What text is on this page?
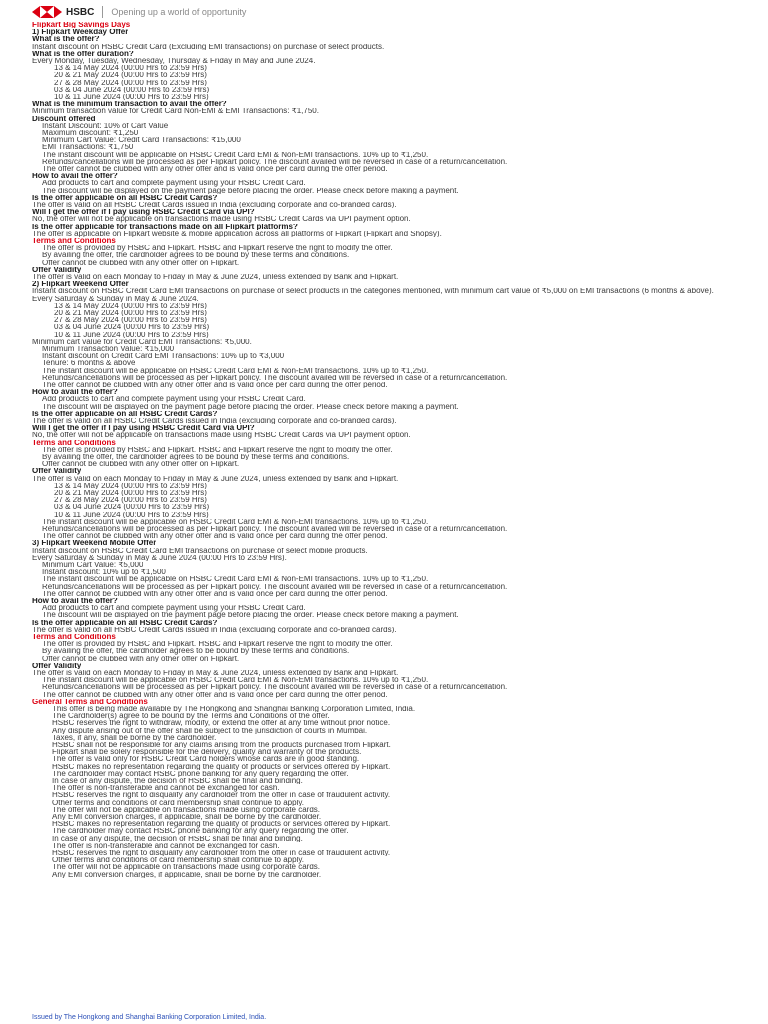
HSBC Opening up a world of opportunity
Flipkart Big Savings Days
1) Flipkart Weekday Offer
What is the offer?
Instant discount on HSBC Credit Card (Excluding EMI transactions) on purchase of select products.
What is the offer duration?
Every Monday, Tuesday, Wednesday, Thursday & Friday in May and June 2024.
▫ 13 & 14 May 2024 (00:00 Hrs to 23:59 Hrs)
▫ 20 & 21 May 2024 (00:00 Hrs to 23:59 Hrs)
▫ 27 & 28 May 2024 (00:00 Hrs to 23:59 Hrs)
▫ 03 & 04 June 2024 (00:00 Hrs to 23:59 Hrs)
▫ 10 & 11 June 2024 (00:00 Hrs to 23:59 Hrs)
What is the minimum transaction to avail the offer?
Minimum transaction value for Credit Card Non-EMI & EMI Transactions: ₹1,750.
Discount offered
▪ Instant Discount: 10% of Cart Value
▪ Maximum discount: ₹1,250
▪ Minimum Cart Value: Credit Card Transactions: ₹15,000
▪ EMI Transactions: ₹1,750
▪ The instant discount will be applicable on HSBC Credit Card EMI & Non-EMI transactions. 10% up to ₹1,250.
▪ Refunds/cancellations will be processed as per Flipkart policy. The discount availed will be reversed in case of a return/cancellation.
▪ The offer cannot be clubbed with any other offer and is valid once per card during the offer period.
How to avail the offer?
▪ Add products to cart and complete payment using your HSBC Credit Card.
▪ The discount will be displayed on the payment page before placing the order. Please check before making a payment.
Is the offer applicable on all HSBC Credit Cards?
The offer is valid on all HSBC Credit Cards issued in India (excluding corporate and co-branded cards).
Will I get the offer if I pay using HSBC Credit Card via UPI?
No, the offer will not be applicable on transactions made using HSBC Credit Cards via UPI payment option.
Is the offer applicable for transactions made on all Flipkart platforms?
The offer is applicable on Flipkart website & mobile application across all platforms of Flipkart (Flipkart and Shopsy).
Terms and Conditions
▪ The offer is provided by HSBC and Flipkart. HSBC and Flipkart reserve the right to modify the offer.
▪ By availing the offer, the cardholder agrees to be bound by these terms and conditions.
▪ Offer cannot be clubbed with any other offer on Flipkart.
Offer Validity
The offer is valid on each Monday to Friday in May & June 2024, unless extended by Bank and Flipkart.
2) Flipkart Weekend Offer
Instant discount on HSBC Credit Card EMI transactions on purchase of select products in the categories mentioned, with minimum cart value of ₹5,000 on EMI transactions (6 months & above).
Every Saturday & Sunday in May & June 2024.
▫ 13 & 14 May 2024 (00:00 Hrs to 23:59 Hrs)
▫ 20 & 21 May 2024 (00:00 Hrs to 23:59 Hrs)
▫ 27 & 28 May 2024 (00:00 Hrs to 23:59 Hrs)
▫ 03 & 04 June 2024 (00:00 Hrs to 23:59 Hrs)
▫ 10 & 11 June 2024 (00:00 Hrs to 23:59 Hrs)
Minimum cart value for Credit Card EMI Transactions: ₹5,000.
▪ Minimum Transaction Value: ₹15,000
▪ Instant discount on Credit Card EMI Transactions: 10% up to ₹3,000
▪ Tenure: 6 months & above
▪ The instant discount will be applicable on HSBC Credit Card EMI & Non-EMI transactions. 10% up to ₹1,250.
▪ Refunds/cancellations will be processed as per Flipkart policy. The discount availed will be reversed in case of a return/cancellation.
▪ The offer cannot be clubbed with any other offer and is valid once per card during the offer period.
How to avail the offer?
▪ Add products to cart and complete payment using your HSBC Credit Card.
▪ The discount will be displayed on the payment page before placing the order. Please check before making a payment.
Is the offer applicable on all HSBC Credit Cards?
The offer is valid on all HSBC Credit Cards issued in India (excluding corporate and co-branded cards).
Will I get the offer if I pay using HSBC Credit Card via UPI?
No, the offer will not be applicable on transactions made using HSBC Credit Cards via UPI payment option.
Terms and Conditions
▪ The offer is provided by HSBC and Flipkart. HSBC and Flipkart reserve the right to modify the offer.
▪ By availing the offer, the cardholder agrees to be bound by these terms and conditions.
▪ Offer cannot be clubbed with any other offer on Flipkart.
Offer Validity
The offer is valid on each Monday to Friday in May & June 2024, unless extended by Bank and Flipkart.
▫ 13 & 14 May 2024 (00:00 Hrs to 23:59 Hrs)
▫ 20 & 21 May 2024 (00:00 Hrs to 23:59 Hrs)
▫ 27 & 28 May 2024 (00:00 Hrs to 23:59 Hrs)
▫ 03 & 04 June 2024 (00:00 Hrs to 23:59 Hrs)
▫ 10 & 11 June 2024 (00:00 Hrs to 23:59 Hrs)
▪ The instant discount will be applicable on HSBC Credit Card EMI & Non-EMI transactions. 10% up to ₹1,250.
▪ Refunds/cancellations will be processed as per Flipkart policy. The discount availed will be reversed in case of a return/cancellation.
▪ The offer cannot be clubbed with any other offer and is valid once per card during the offer period.
3) Flipkart Weekend Mobile Offer
Instant discount on HSBC Credit Card EMI transactions on purchase of select mobile products.
Every Saturday & Sunday in May & June 2024 (00:00 Hrs to 23:59 Hrs).
▪ Minimum Cart Value: ₹5,000
▪ Instant discount: 10% up to ₹1,500
▪ The instant discount will be applicable on HSBC Credit Card EMI & Non-EMI transactions. 10% up to ₹1,250.
▪ Refunds/cancellations will be processed as per Flipkart policy. The discount availed will be reversed in case of a return/cancellation.
▪ The offer cannot be clubbed with any other offer and is valid once per card during the offer period.
How to avail the offer?
▪ Add products to cart and complete payment using your HSBC Credit Card.
▪ The discount will be displayed on the payment page before placing the order. Please check before making a payment.
Is the offer applicable on all HSBC Credit Cards?
The offer is valid on all HSBC Credit Cards issued in India (excluding corporate and co-branded cards).
Terms and Conditions
▪ The offer is provided by HSBC and Flipkart. HSBC and Flipkart reserve the right to modify the offer.
▪ By availing the offer, the cardholder agrees to be bound by these terms and conditions.
▪ Offer cannot be clubbed with any other offer on Flipkart.
Offer Validity
The offer is valid on each Monday to Friday in May & June 2024, unless extended by Bank and Flipkart.
▪ The instant discount will be applicable on HSBC Credit Card EMI & Non-EMI transactions. 10% up to ₹1,250.
▪ Refunds/cancellations will be processed as per Flipkart policy. The discount availed will be reversed in case of a return/cancellation.
▪ The offer cannot be clubbed with any other offer and is valid once per card during the offer period.
General Terms and Conditions
This offer is being made available by The Hongkong and Shanghai Banking Corporation Limited, India.
The Cardholder(s) agree to be bound by the Terms and Conditions of the offer.
HSBC reserves the right to withdraw, modify, or extend the offer at any time without prior notice.
Any dispute arising out of the offer shall be subject to the jurisdiction of courts in Mumbai.
Taxes, if any, shall be borne by the cardholder.
HSBC shall not be responsible for any claims arising from the products purchased from Flipkart.
Flipkart shall be solely responsible for the delivery, quality and warranty of the products.
The offer is valid only for HSBC Credit Card holders whose cards are in good standing.
HSBC makes no representation regarding the quality of products or services offered by Flipkart.
The cardholder may contact HSBC phone banking for any query regarding the offer.
In case of any dispute, the decision of HSBC shall be final and binding.
The offer is non-transferable and cannot be exchanged for cash.
HSBC reserves the right to disqualify any cardholder from the offer in case of fraudulent activity.
Other terms and conditions of card membership shall continue to apply.
The offer will not be applicable on transactions made using corporate cards.
Any EMI conversion charges, if applicable, shall be borne by the cardholder.
HSBC makes no representation regarding the quality of products or services offered by Flipkart.
The cardholder may contact HSBC phone banking for any query regarding the offer.
In case of any dispute, the decision of HSBC shall be final and binding.
The offer is non-transferable and cannot be exchanged for cash.
HSBC reserves the right to disqualify any cardholder from the offer in case of fraudulent activity.
Other terms and conditions of card membership shall continue to apply.
The offer will not be applicable on transactions made using corporate cards.
Any EMI conversion charges, if applicable, shall be borne by the cardholder.
Issued by The Hongkong and Shanghai Banking Corporation Limited, India.
